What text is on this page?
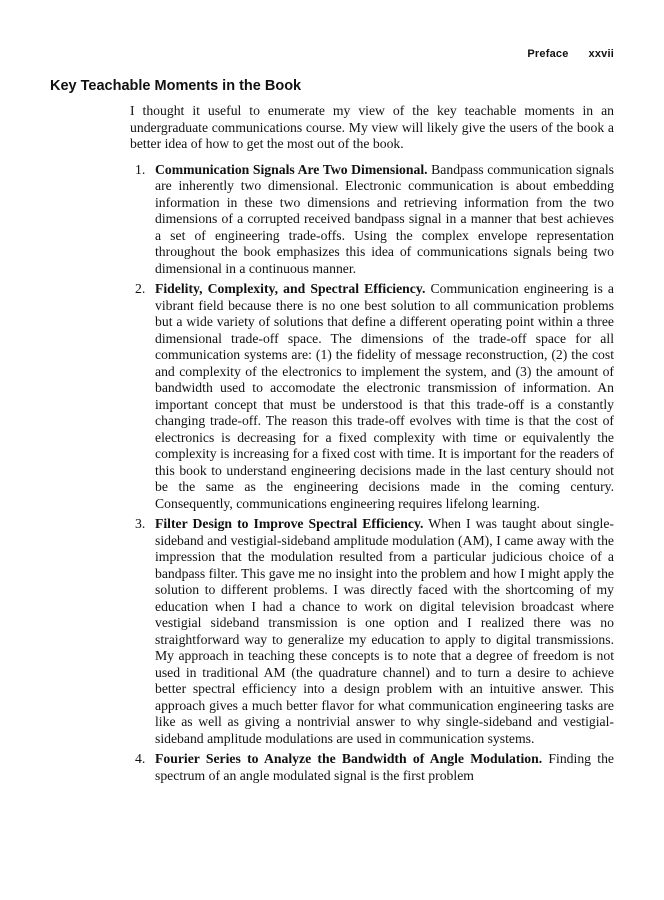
Preface xxvii
Key Teachable Moments in the Book

I thought it useful to enumerate my view of the key teachable moments in an undergraduate communications course. My view will likely give the users of the book a better idea of how to get the most out of the book.

1. Communication Signals Are Two Dimensional. Bandpass communication signals are inherently two dimensional. Electronic communication is about embedding information in these two dimensions and retrieving information from the two dimensions of a corrupted received bandpass signal in a manner that best achieves a set of engineering trade-offs. Using the complex envelope representation throughout the book emphasizes this idea of communications signals being two dimensional in a continuous manner.
2. Fidelity, Complexity, and Spectral Efficiency. Communication engineering is a vibrant field because there is no one best solution to all communication problems but a wide variety of solutions that define a different operating point within a three dimensional trade-off space. The dimensions of the trade-off space for all communication systems are: (1) the fidelity of message reconstruction, (2) the cost and complexity of the electronics to implement the system, and (3) the amount of bandwidth used to accomodate the electronic transmission of information. An important concept that must be understood is that this trade-off is a constantly changing trade-off. The reason this trade-off evolves with time is that the cost of electronics is decreasing for a fixed complexity with time or equivalently the complexity is increasing for a fixed cost with time. It is important for the readers of this book to understand engineering decisions made in the last century should not be the same as the engineering decisions made in the coming century. Consequently, communications engineering requires lifelong learning.
3. Filter Design to Improve Spectral Efficiency. When I was taught about single-sideband and vestigial-sideband amplitude modulation (AM), I came away with the impression that the modulation resulted from a particular judicious choice of a bandpass filter. This gave me no insight into the problem and how I might apply the solution to different problems. I was directly faced with the shortcoming of my education when I had a chance to work on digital television broadcast where vestigial sideband transmission is one option and I realized there was no straightforward way to generalize my education to apply to digital transmissions. My approach in teaching these concepts is to note that a degree of freedom is not used in traditional AM (the quadrature channel) and to turn a desire to achieve better spectral efficiency into a design problem with an intuitive answer. This approach gives a much better flavor for what communication engineering tasks are like as well as giving a nontrivial answer to why single-sideband and vestigial-sideband amplitude modulations are used in communication systems.
4. Fourier Series to Analyze the Bandwidth of Angle Modulation. Finding the spectrum of an angle modulated signal is the first problem
